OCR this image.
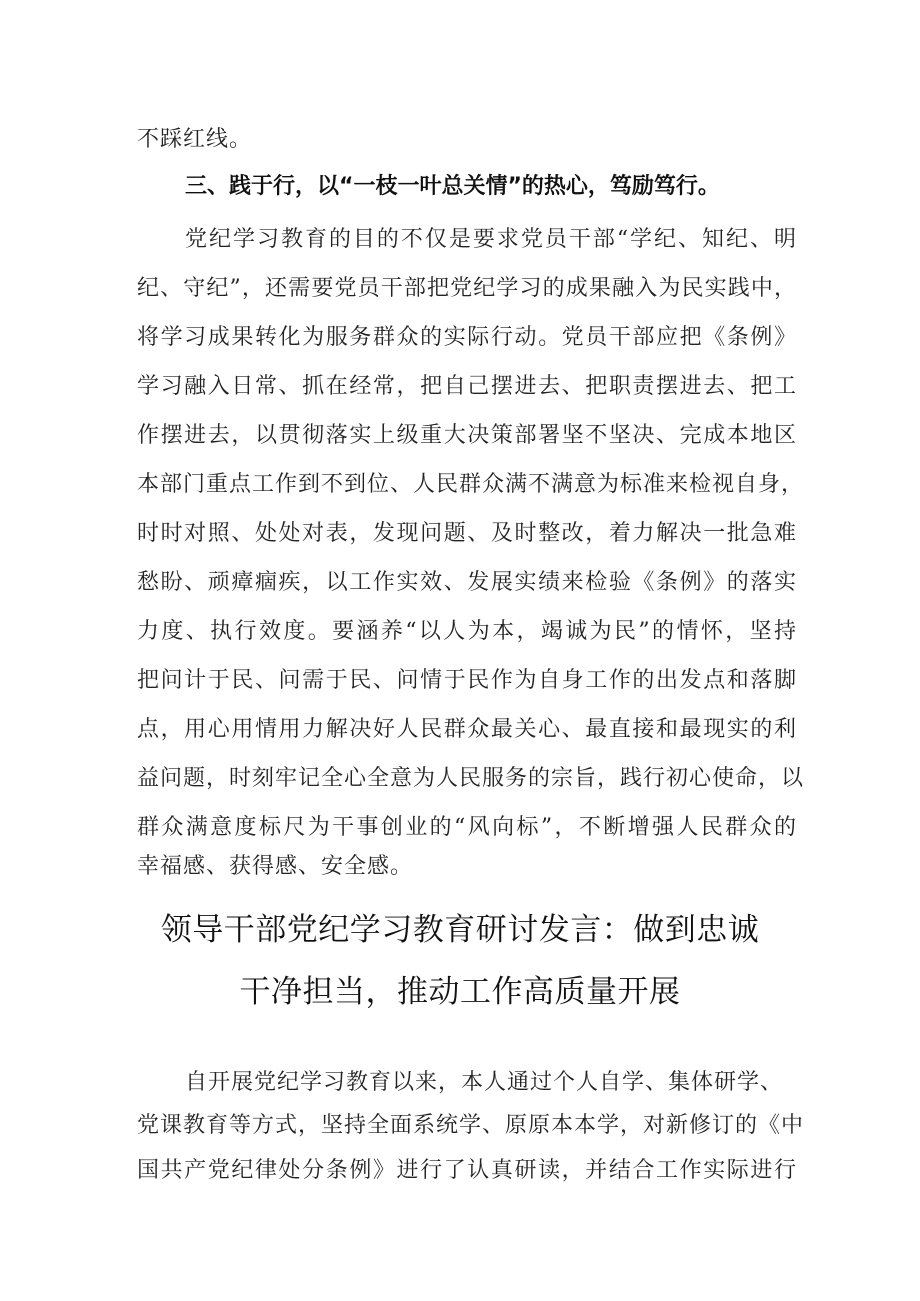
不踩红线。
三、践于行，以“一枝一叶总关情”的热心，笃励笃行。
党纪学习教育的目的不仅是要求党员干部“学纪、知纪、明
纪、守纪”，还需要党员干部把党纪学习的成果融入为民实践中，
将学习成果转化为服务群众的实际行动。党员干部应把《条例》
学习融入日常、抓在经常，把自己摆进去、把职责摆进去、把工
作摆进去，以贯彻落实上级重大决策部署坚不坚决、完成本地区
本部门重点工作到不到位、人民群众满不满意为标准来检视自身，
时时对照、处处对表，发现问题、及时整改，着力解决一批急难
愁盼、顽瘴痼疾，以工作实效、发展实绩来检验《条例》的落实
力度、执行效度。要涵养“以人为本，竭诚为民”的情怀，坚持
把问计于民、问需于民、问情于民作为自身工作的出发点和落脚
点，用心用情用力解决好人民群众最关心、最直接和最现实的利
益问题，时刻牢记全心全意为人民服务的宗旨，践行初心使命，以
群众满意度标尺为干事创业的“风向标”，不断增强人民群众的
幸福感、获得感、安全感。
领导干部党纪学习教育研讨发言：做到忠诚
干净担当，推动工作高质量开展
自开展党纪学习教育以来，本人通过个人自学、集体研学、
党课教育等方式，坚持全面系统学、原原本本学，对新修订的《中
国共产党纪律处分条例》进行了认真研读，并结合工作实际进行
